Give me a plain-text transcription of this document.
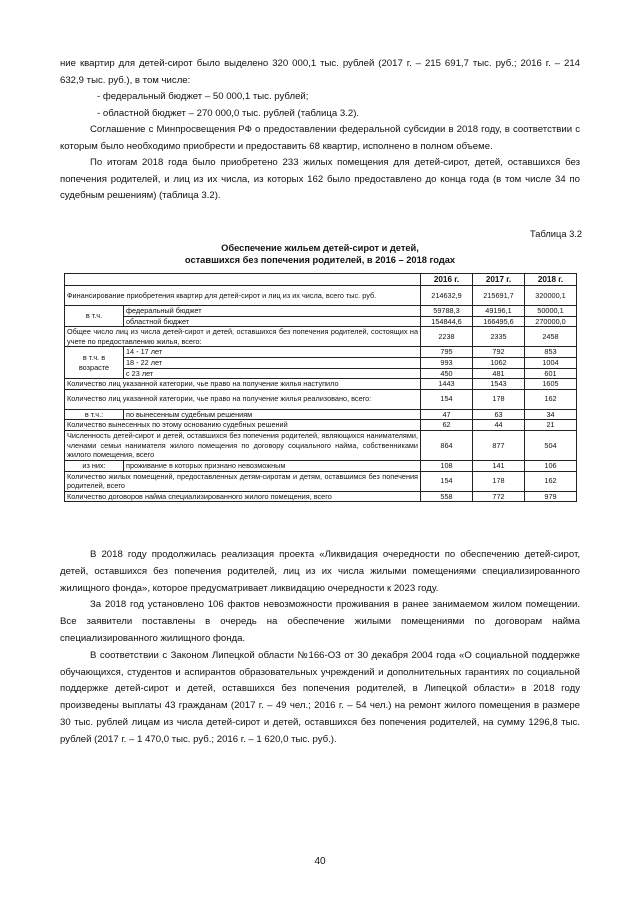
ние квартир для детей-сирот было выделено 320 000,1 тыс. рублей (2017 г. – 215 691,7 тыс. руб.; 2016 г. – 214 632,9 тыс. руб.), в том числе:

- федеральный бюджет – 50 000,1 тыс. рублей;

- областной бюджет – 270 000,0 тыс. рублей (таблица 3.2).

Соглашение с Минпросвещения РФ о предоставлении федеральной субсидии в 2018 году, в соответствии с которым было необходимо приобрести и предоставить 68 квартир, исполнено в полном объеме.

По итогам 2018 года было приобретено 233 жилых помещения для детей-сирот, детей, оставшихся без попечения родителей, и лиц из их числа, из которых 162 было предоставлено до конца года (в том числе 34 по судебным решениям) (таблица 3.2).

Таблица 3.2
Обеспечение жильем детей-сирот и детей,
оставшихся без попечения родителей, в 2016 – 2018 годах
		2016 г.	2017 г.	2018 г.
Финансирование приобретения квартир для детей-сирот и лиц из их числа, всего тыс. руб.		214632,9	215691,7	320000,1
в т.ч.	федеральный бюджет	59788,3	49196,1	50000,1
	областной бюджет	154844,6	166495,6	270000,0
Общее число лиц из числа детей-сирот и детей, оставшихся без попечения родителей, состоящих на учете по предоставлению жилья, всего:		2238	2335	2458
в т.ч. в возрасте	14 - 17 лет	795	792	853
	18 - 22 лет	993	1062	1004
	с 23 лет	450	481	601
Количество лиц указанной категории, чье право на получение жилья наступило		1443	1543	1605
Количество лиц указанной категории, чье право на получение жилья реализовано, всего:		154	178	162
в т.ч.:	по вынесенным судебным решениям	47	63	34
Количество вынесенных по этому основанию судебных решений		62	44	21
Численность детей-сирот и детей, оставшихся без попечения родителей, являющихся нанимателями, членами семьи нанимателя жилого помещения по договору социального найма, собственниками жилого помещения, всего		864	877	504
из них:	проживание в которых признано невозможным	108	141	106
Количество жилых помещений, предоставленных детям-сиротам и детям, оставшимся без попечения родителей, всего		154	178	162
Количество договоров найма специализированного жилого помещения, всего		558	772	979

В 2018 году продолжилась реализация проекта «Ликвидация очередности по обеспечению детей-сирот, детей, оставшихся без попечения родителей, лиц из их числа жилыми помещениями специализированного жилищного фонда», которое предусматривает ликвидацию очередности к 2023 году.

За 2018 год установлено 106 фактов невозможности проживания в ранее занимаемом жилом помещении. Все заявители поставлены в очередь на обеспечение жилыми помещениями по договорам найма специализированного жилищного фонда.

В соответствии с Законом Липецкой области №166-ОЗ от 30 декабря 2004 года «О социальной поддержке обучающихся, студентов и аспирантов образовательных учреждений и дополнительных гарантиях по социальной поддержке детей-сирот и детей, оставшихся без попечения родителей, в Липецкой области» в 2018 году произведены выплаты 43 гражданам (2017 г. – 49 чел.; 2016 г. – 54 чел.) на ремонт жилого помещения в размере 30 тыс. рублей лицам из числа детей-сирот и детей, оставшихся без попечения родителей, на сумму 1296,8 тыс. рублей (2017 г. – 1 470,0 тыс. руб.; 2016 г. – 1 620,0 тыс. руб.).

40
